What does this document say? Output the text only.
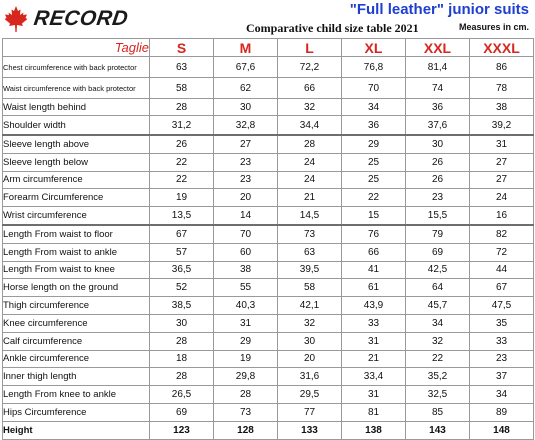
RECORD	"Full leather" junior suits
Comparative child size table 2021	Measures in cm.
Taglie	S	M	L	XL	XXL	XXXL
Chest circumference with back protector	63	67,6	72,2	76,8	81,4	86
Waist circumference with back protector	58	62	66	70	74	78
Waist length behind	28	30	32	34	36	38
Shoulder width	31,2	32,8	34,4	36	37,6	39,2
Sleeve length above	26	27	28	29	30	31
Sleeve length below	22	23	24	25	26	27
Arm circumference	22	23	24	25	26	27
Forearm Circumference	19	20	21	22	23	24
Wrist circumference	13,5	14	14,5	15	15,5	16
Length From waist to floor	67	70	73	76	79	82
Length From waist to ankle	57	60	63	66	69	72
Length From waist to knee	36,5	38	39,5	41	42,5	44
Horse length on the ground	52	55	58	61	64	67
Thigh circumference	38,5	40,3	42,1	43,9	45,7	47,5
Knee circumference	30	31	32	33	34	35
Calf circumference	28	29	30	31	32	33
Ankle circumference	18	19	20	21	22	23
Inner thigh length	28	29,8	31,6	33,4	35,2	37
Length From knee to ankle	26,5	28	29,5	31	32,5	34
Hips Circumference	69	73	77	81	85	89
Height	123	128	133	138	143	148
